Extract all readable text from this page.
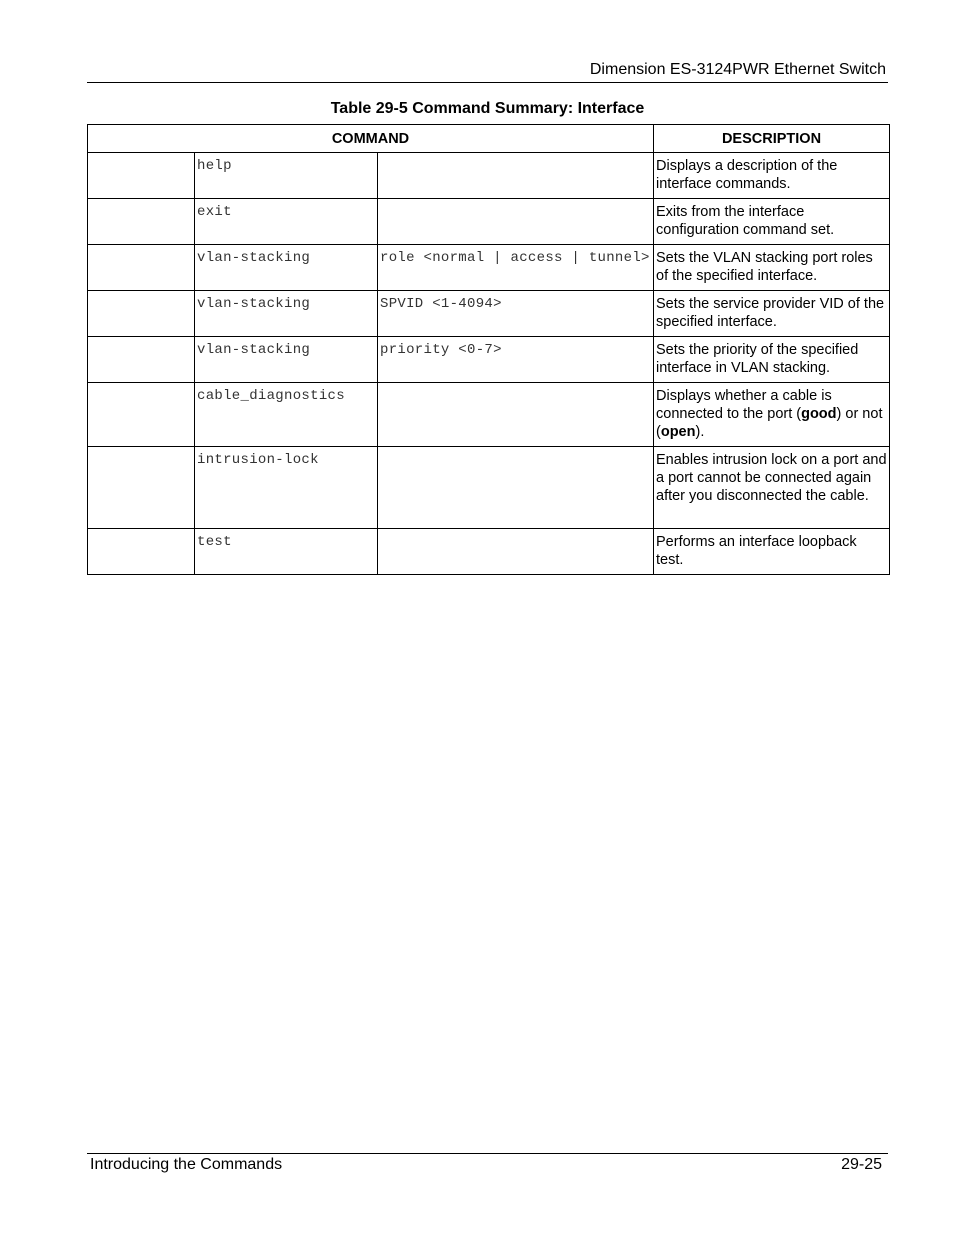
Dimension ES-3124PWR Ethernet Switch
Table 29-5 Command Summary: Interface
COMMAND			DESCRIPTION
	help		Displays a description of the interface commands.
	exit		Exits from the interface configuration command set.
	vlan-stacking	role <normal | access | tunnel>	Sets the VLAN stacking port roles of the specified interface.
	vlan-stacking	SPVID <1-4094>	Sets the service provider VID of the specified interface.
	vlan-stacking	priority <0-7>	Sets the priority of the specified interface in VLAN stacking.
	cable_diagnostics		Displays whether a cable is connected to the port (good) or not (open).
	intrusion-lock		Enables intrusion lock on a port and a port cannot be connected again after you disconnected the cable.
	test		Performs an interface loopback test.
Introducing the Commands	29-25
